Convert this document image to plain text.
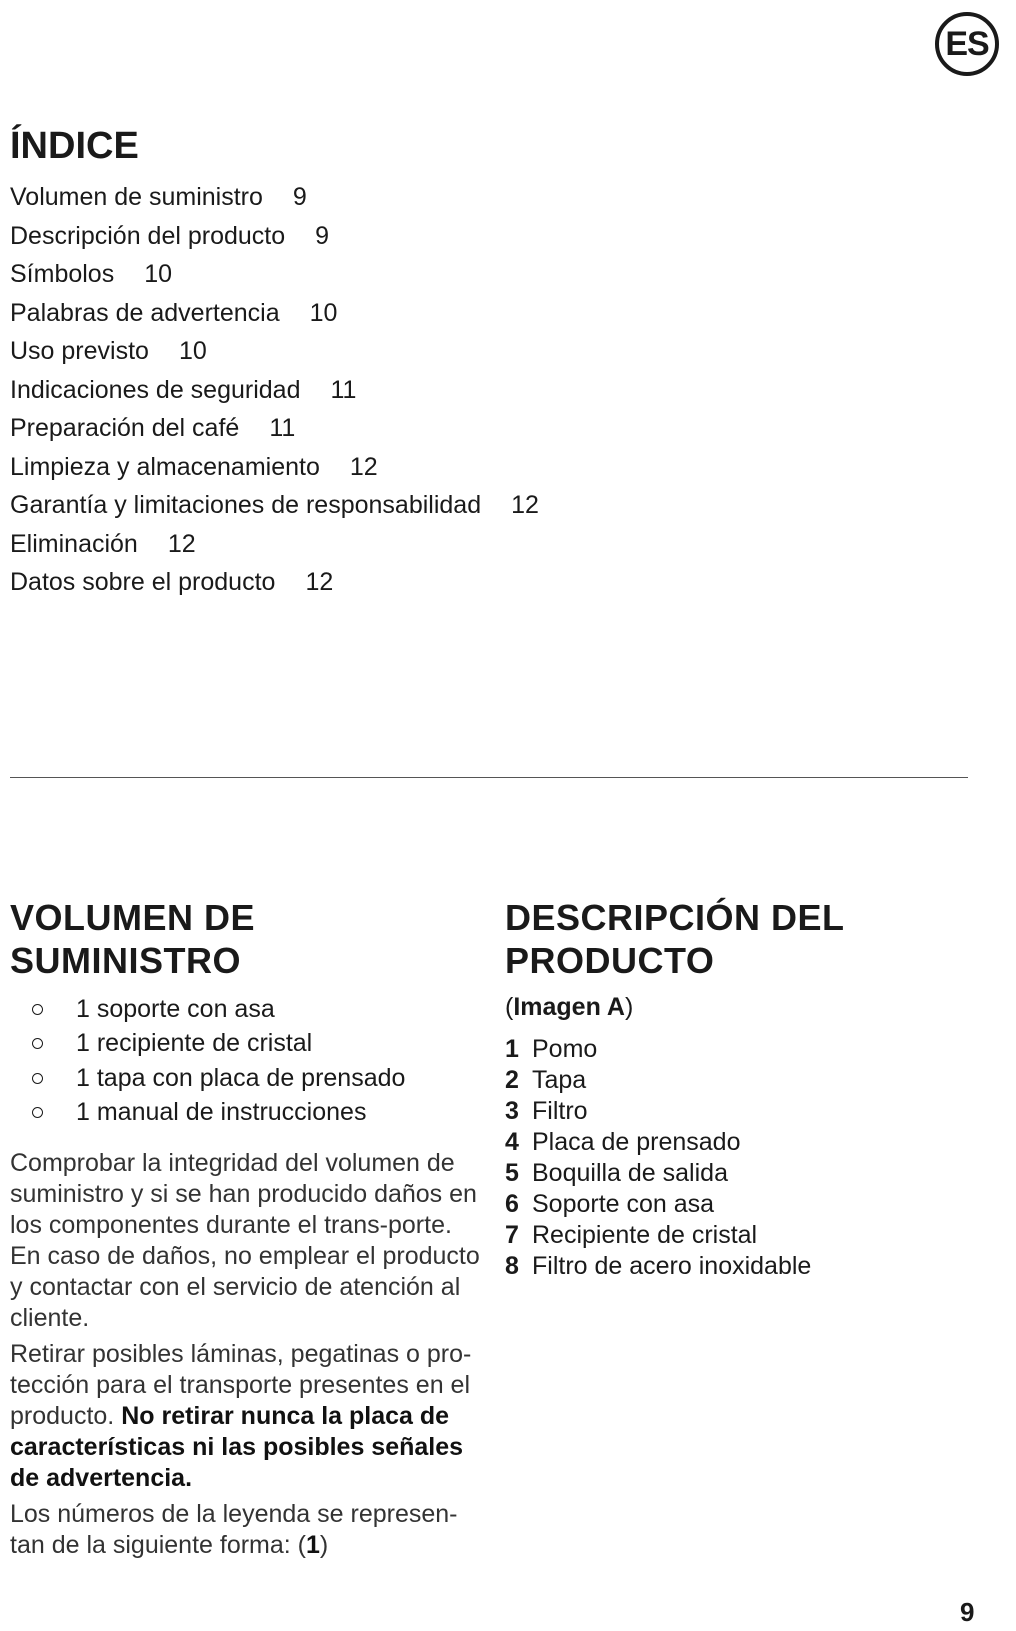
ES
ÍNDICE
Volumen de suministro 9
Descripción del producto 9
Símbolos 10
Palabras de advertencia 10
Uso previsto 10
Indicaciones de seguridad 11
Preparación del café 11
Limpieza y almacenamiento 12
Garantía y limitaciones de responsabilidad 12
Eliminación 12
Datos sobre el producto 12
VOLUMEN DE
SUMINISTRO
1 soporte con asa
1 recipiente de cristal
1 tapa con placa de prensado
1 manual de instrucciones

Comprobar la integridad del volumen de suministro y si se han producido daños en los componentes durante el trans-porte. En caso de daños, no emplear el producto y contactar con el servicio de atención al cliente.

Retirar posibles láminas, pegatinas o pro-tección para el transporte presentes en el producto. No retirar nunca la placa de características ni las posibles señales de advertencia.

Los números de la leyenda se represen-tan de la siguiente forma: (1)

DESCRIPCIÓN DEL
PRODUCTO
(Imagen A)
1 Pomo
2 Tapa
3 Filtro
4 Placa de prensado
5 Boquilla de salida
6 Soporte con asa
7 Recipiente de cristal
8 Filtro de acero inoxidable
9
